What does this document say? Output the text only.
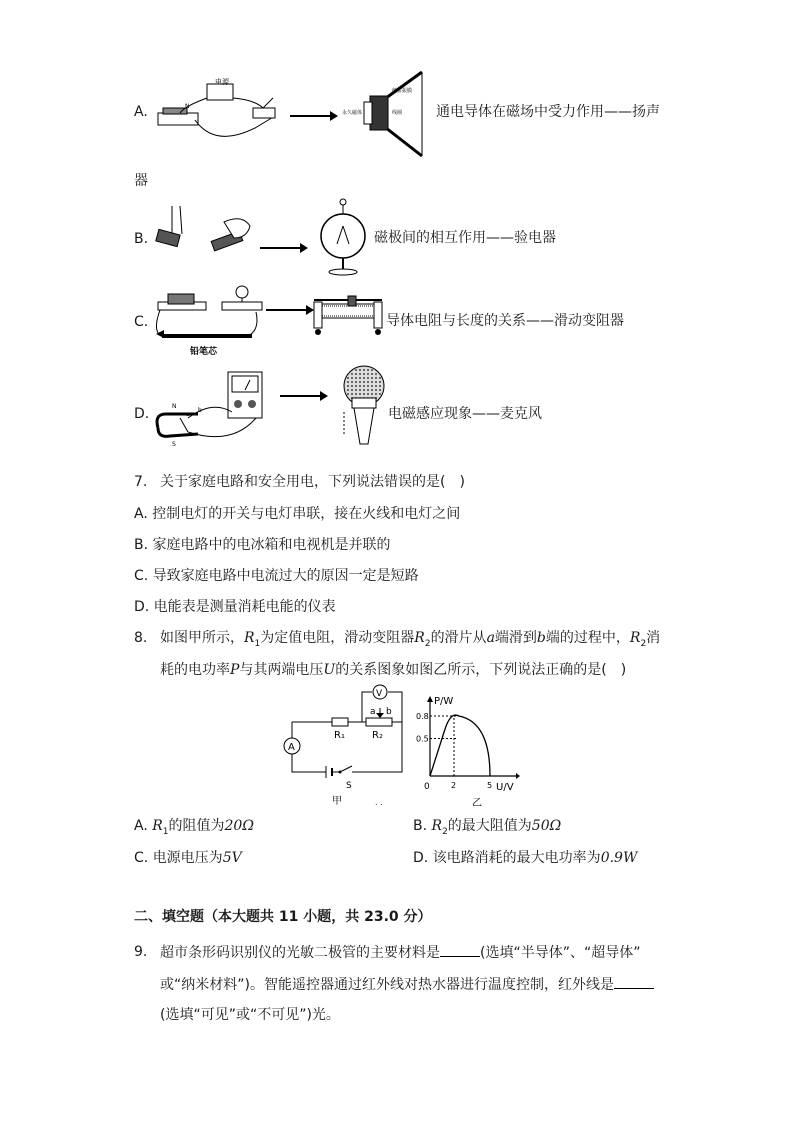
A.
电源
N
永久磁体
纸盆振膜
线圈 通电导体在磁场中受力作用——扬声
器
B.	磁极间的相互作用——验电器
C.
铅笔芯
导体电阻与长度的关系——滑动变阻器
D.	N
S
b
a	电磁感应现象——麦克风
7. 关于家庭电路和安全用电，下列说法错误的是(　)
A. 控制电灯的开关与电灯串联，接在火线和电灯之间
B. 家庭电路中的电冰箱和电视机是并联的
C. 导致家庭电路中电流过大的原因一定是短路
D. 电能表是测量消耗电能的仪表
8. 如图甲所示，$R_1$为定值电阻，滑动变阻器$R_2$的滑片从a端滑到b端的过程中，$R_2$消
耗的电功率P与其两端电压U的关系图象如图乙所示，下列说法正确的是(　)
A
V
a b
R₁	R₂
S
甲	. .
P/W
U/V
0
0.8
0.5
2	5
乙
A. $R_1$的阻值为20Ω	B. $R_2$的最大阻值为50Ω
C. 电源电压为5V	D. 该电路消耗的最大电功率为0.9W
二、填空题（本大题共 11 小题，共 23.0 分）
9. 超市条形码识别仪的光敏二极管的主要材料是	(选填“半导体”、“超导体”
或“纳米材料”)。智能遥控器通过红外线对热水器进行温度控制，红外线是
(选填“可见”或“不可见”)光。
